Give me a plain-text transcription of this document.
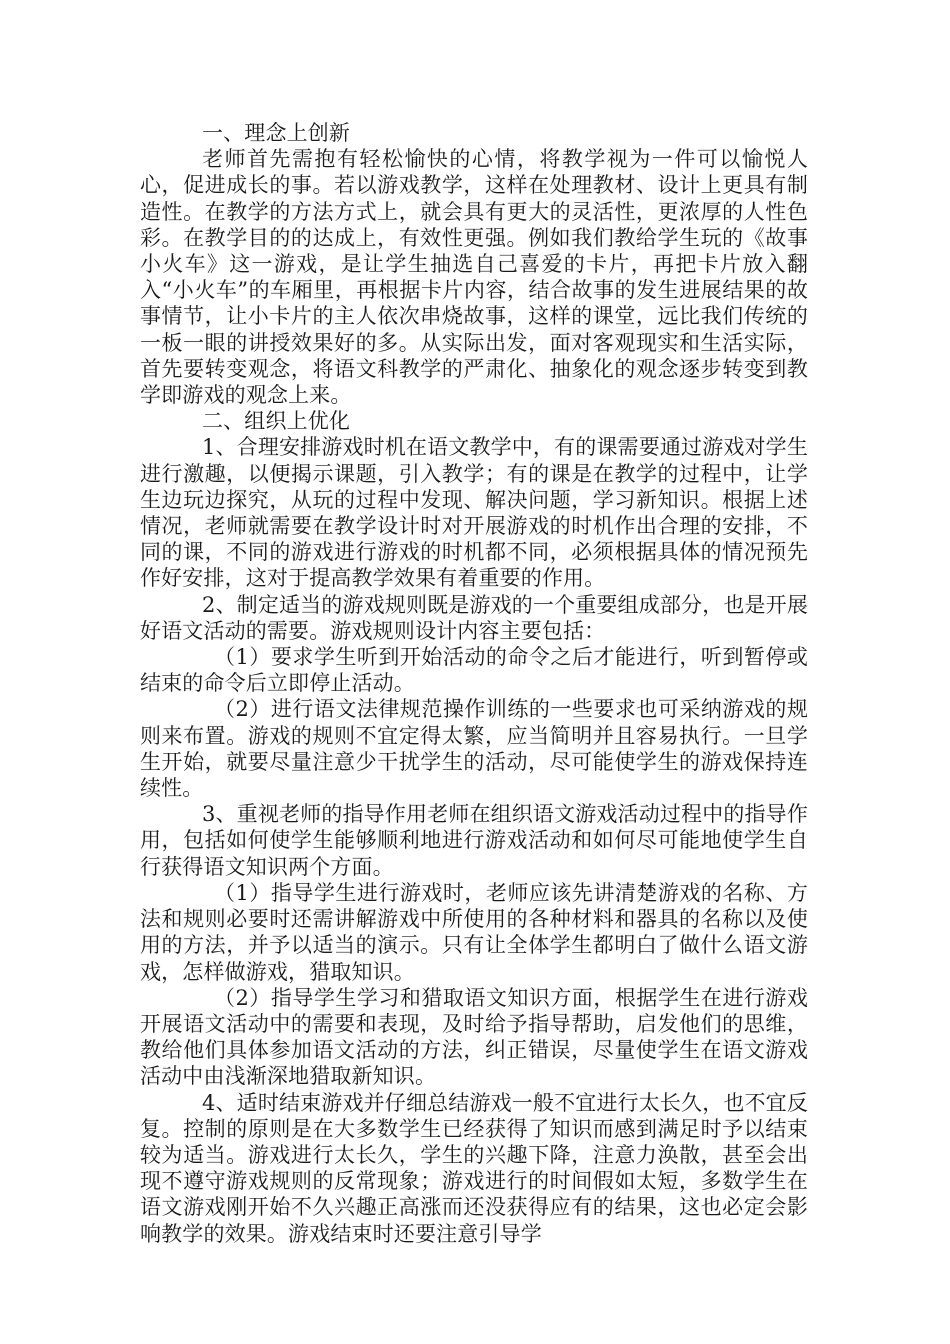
一、理念上创新

老师首先需抱有轻松愉快的心情，将教学视为一件可以愉悦人心，促进成长的事。若以游戏教学，这样在处理教材、设计上更具有制造性。在教学的方法方式上，就会具有更大的灵活性，更浓厚的人性色彩。在教学目的的达成上，有效性更强。例如我们教给学生玩的《故事小火车》这一游戏，是让学生抽选自己喜爱的卡片，再把卡片放入翻入“小火车”的车厢里，再根据卡片内容，结合故事的发生进展结果的故事情节，让小卡片的主人依次串烧故事，这样的课堂，远比我们传统的一板一眼的讲授效果好的多。从实际出发，面对客观现实和生活实际，首先要转变观念，将语文科教学的严肃化、抽象化的观念逐步转变到教学即游戏的观念上来。

二、组织上优化

1、合理安排游戏时机在语文教学中，有的课需要通过游戏对学生进行激趣，以便揭示课题，引入教学；有的课是在教学的过程中，让学生边玩边探究，从玩的过程中发现、解决问题，学习新知识。根据上述情况，老师就需要在教学设计时对开展游戏的时机作出合理的安排，不同的课，不同的游戏进行游戏的时机都不同，必须根据具体的情况预先作好安排，这对于提高教学效果有着重要的作用。

2、制定适当的游戏规则既是游戏的一个重要组成部分，也是开展好语文活动的需要。游戏规则设计内容主要包括：

（1）要求学生听到开始活动的命令之后才能进行，听到暂停或结束的命令后立即停止活动。

（2）进行语文法律规范操作训练的一些要求也可采纳游戏的规则来布置。游戏的规则不宜定得太繁，应当简明并且容易执行。一旦学生开始，就要尽量注意少干扰学生的活动，尽可能使学生的游戏保持连续性。

3、重视老师的指导作用老师在组织语文游戏活动过程中的指导作用，包括如何使学生能够顺利地进行游戏活动和如何尽可能地使学生自行获得语文知识两个方面。

（1）指导学生进行游戏时，老师应该先讲清楚游戏的名称、方法和规则必要时还需讲解游戏中所使用的各种材料和器具的名称以及使用的方法，并予以适当的演示。只有让全体学生都明白了做什么语文游戏，怎样做游戏，猎取知识。

（2）指导学生学习和猎取语文知识方面，根据学生在进行游戏开展语文活动中的需要和表现，及时给予指导帮助，启发他们的思维，教给他们具体参加语文活动的方法，纠正错误，尽量使学生在语文游戏活动中由浅渐深地猎取新知识。

4、适时结束游戏并仔细总结游戏一般不宜进行太长久，也不宜反复。控制的原则是在大多数学生已经获得了知识而感到满足时予以结束较为适当。游戏进行太长久，学生的兴趣下降，注意力涣散，甚至会出现不遵守游戏规则的反常现象；游戏进行的时间假如太短，多数学生在语文游戏刚开始不久兴趣正高涨而还没获得应有的结果，这也必定会影响教学的效果。游戏结束时还要注意引导学
